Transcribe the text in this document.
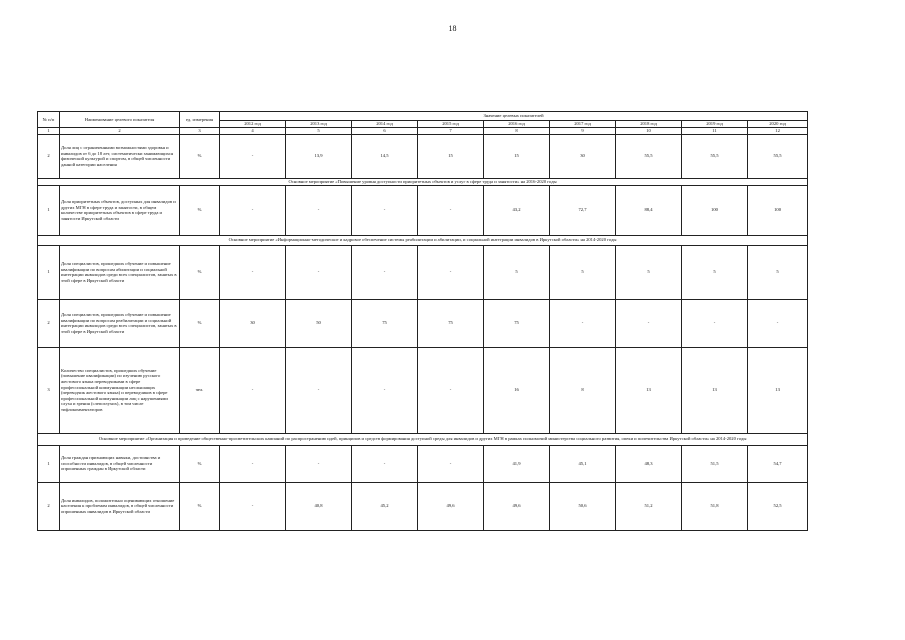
18
№ п/п	Наименование целевого показателя	ед. измерения	Значение целевых показателей								
			2012 год	2013 год	2014 год	2015 год	2016 год	2017 год	2018 год	2019 год	2020 год
1	2	3	4	5	6	7	8	9	10	11	12
2	Доля лиц с ограниченными возможностями здоровья и инвалидов от 6 до 18 лет, систематически занимающихся физической культурой и спортом, в общей численности данной категории населения	%	-	13,9	14,5	15	15	30	55,5	55,5	55,5
Основное мероприятие «Повышение уровня доступности приоритетных объектов и услуг в сфере труда и занятости» на 2016-2020 годы											
1	Доля приоритетных объектов, доступных для инвалидов и других МГН в сфере труда и занятости, в общем количестве приоритетных объектов в сфере труда и занятости Иркутской области	%	-	-	-	-	43,2	72,7	88,4	100	100
Основное мероприятие «Информационно-методическое и кадровое обеспечение системы реабилитации и абилитации, и социальной интеграции инвалидов в Иркутской области» на 2014-2020 годы											
1	Доля специалистов, прошедших обучение и повышение квалификации по вопросам абилитации и социальной интеграции инвалидов среди всех специалистов, занятых в этой сфере в Иркутской области	%	-	-	-	-	5	5	5	5	5
2	Доля специалистов, прошедших обучение и повышение квалификации по вопросам реабилитации и социальной интеграции инвалидов среди всех специалистов, занятых в этой сфере в Иркутской области	%	30	50	75	75	75	-	-	-	-
3	Количество специалистов, прошедших обучение (повышение квалификации) по изучению русского жестового языка переводчиками в сфере профессиональной коммуникации неслышащих (переводчик жестового языка) и переводчиков в сфере профессиональной коммуникации лиц с нарушениями слуха и зрения (слепоглухих), в том числе тифлокомментаторов	чел.	-	-	-	-	16	8	13	13	13
Основное мероприятие «Организация и проведение общественно-просветительских кампаний по распространению идей, принципов и средств формирования доступной среды для инвалидов и других МГН в рамках полномочий министерства социального развития, опеки и попечительства Иркутской области» на 2014-2020 годы											
1	Доля граждан признающих навыки, достоинства и способности инвалидов, в общей численности опрошенных граждан в Иркутской области	%	-	-	-	-	41,9	45,1	48,3	51,5	54,7
2	Доля инвалидов, положительно оценивающих отношение населения к проблемам инвалидов, в общей численности опрошенных инвалидов в Иркутской области	%	-	40,8	45,2	49,6	49,6	50,6	51,2	51,8	52,5
